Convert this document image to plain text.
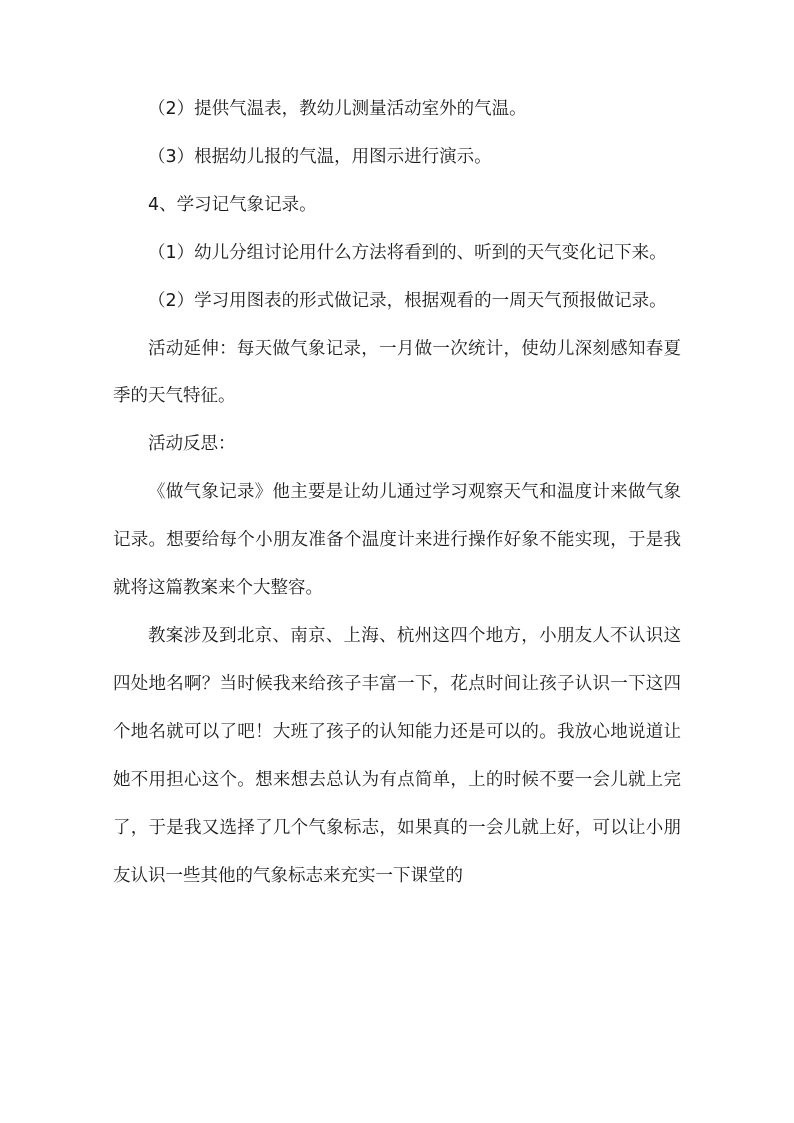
（2）提供气温表，教幼儿测量活动室外的气温。

（3）根据幼儿报的气温，用图示进行演示。

4、学习记气象记录。

（1）幼儿分组讨论用什么方法将看到的、听到的天气变化记下来。

（2）学习用图表的形式做记录，根据观看的一周天气预报做记录。

活动延伸：每天做气象记录，一月做一次统计，使幼儿深刻感知春夏季的天气特征。

活动反思：

《做气象记录》他主要是让幼儿通过学习观察天气和温度计来做气象记录。想要给每个小朋友准备个温度计来进行操作好象不能实现，于是我就将这篇教案来个大整容。

教案涉及到北京、南京、上海、杭州这四个地方，小朋友人不认识这四处地名啊？当时候我来给孩子丰富一下，花点时间让孩子认识一下这四个地名就可以了吧！大班了孩子的认知能力还是可以的。我放心地说道让她不用担心这个。想来想去总认为有点简单，上的时候不要一会儿就上完了，于是我又选择了几个气象标志，如果真的一会儿就上好，可以让小朋友认识一些其他的气象标志来充实一下课堂的
